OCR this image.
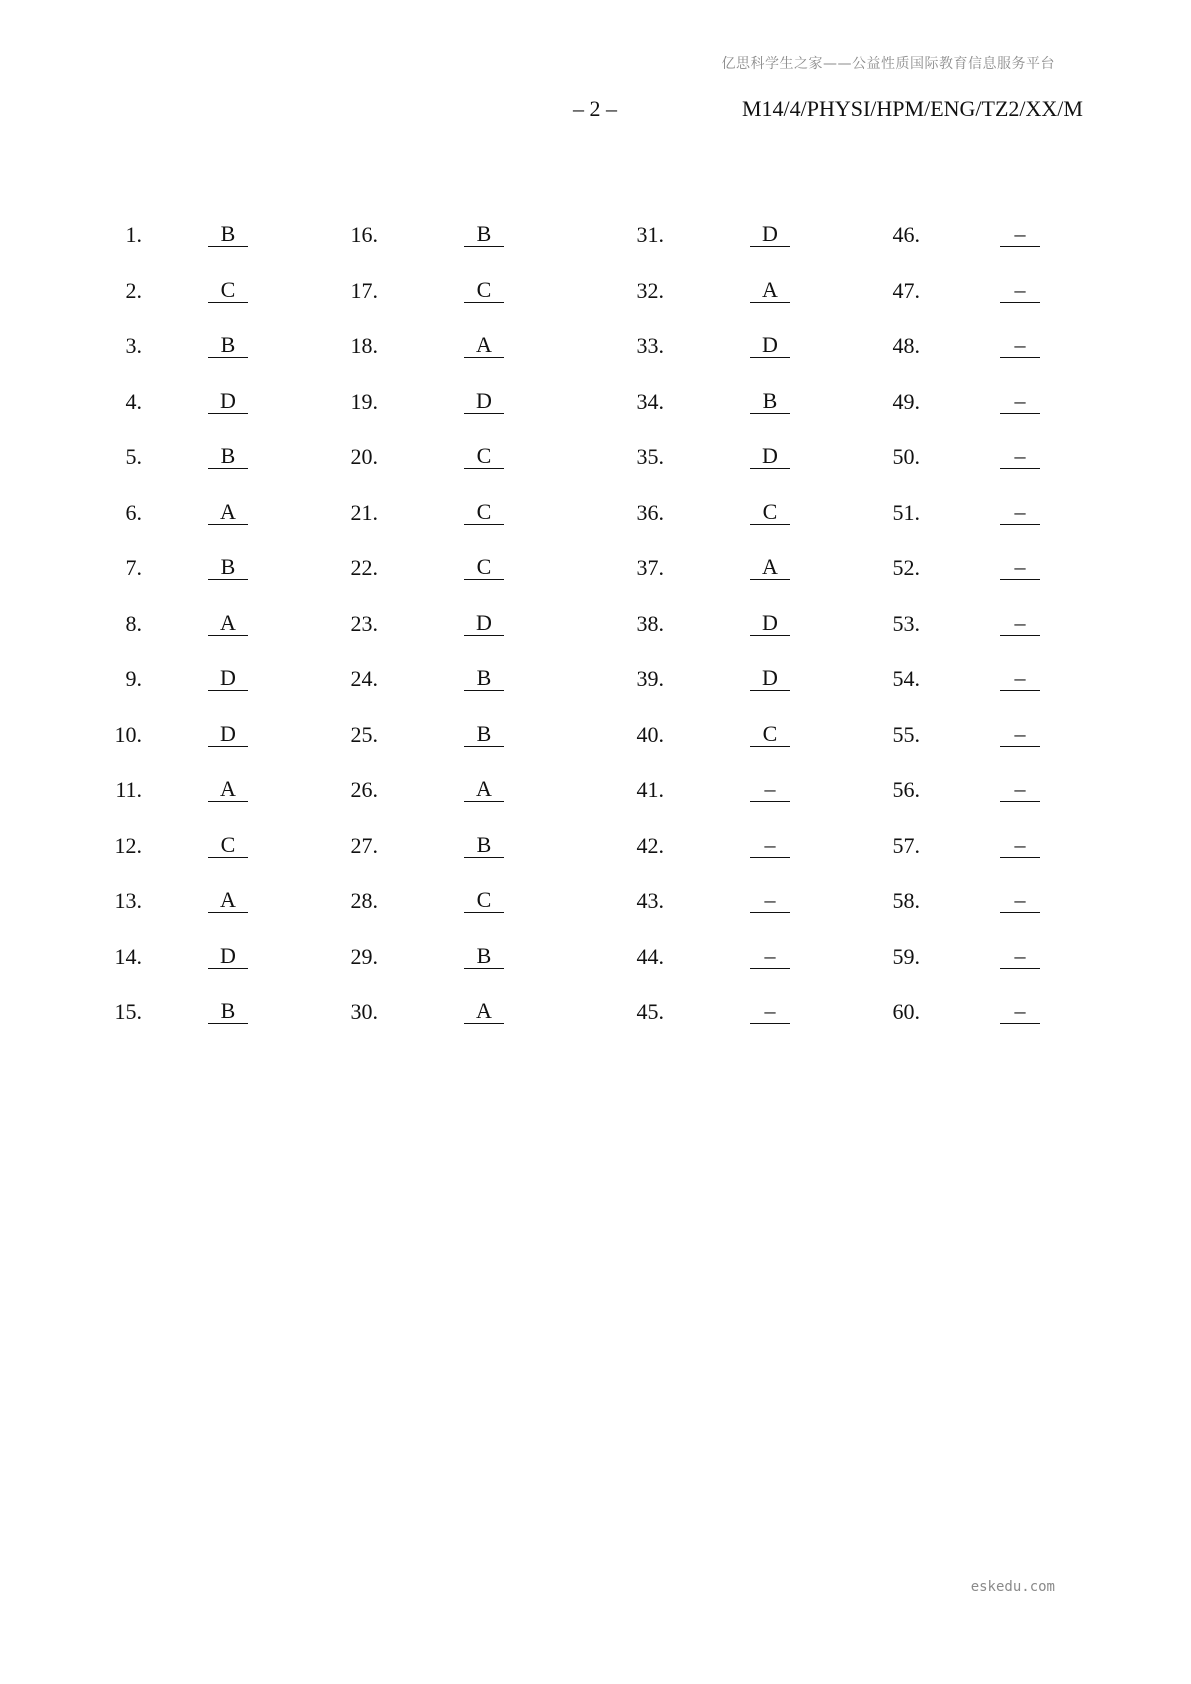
亿思科学生之家——公益性质国际教育信息服务平台
– 2 –	M14/4/PHYSI/HPM/ENG/TZ2/XX/M
1.	B	16.	B	31.	D	46.	–
2.	C	17.	C	32.	A	47.	–
3.	B	18.	A	33.	D	48.	–
4.	D	19.	D	34.	B	49.	–
5.	B	20.	C	35.	D	50.	–
6.	A	21.	C	36.	C	51.	–
7.	B	22.	C	37.	A	52.	–
8.	A	23.	D	38.	D	53.	–
9.	D	24.	B	39.	D	54.	–
10.	D	25.	B	40.	C	55.	–
11.	A	26.	A	41.	–	56.	–
12.	C	27.	B	42.	–	57.	–
13.	A	28.	C	43.	–	58.	–
14.	D	29.	B	44.	–	59.	–
15.	B	30.	A	45.	–	60.	–
eskedu.com
